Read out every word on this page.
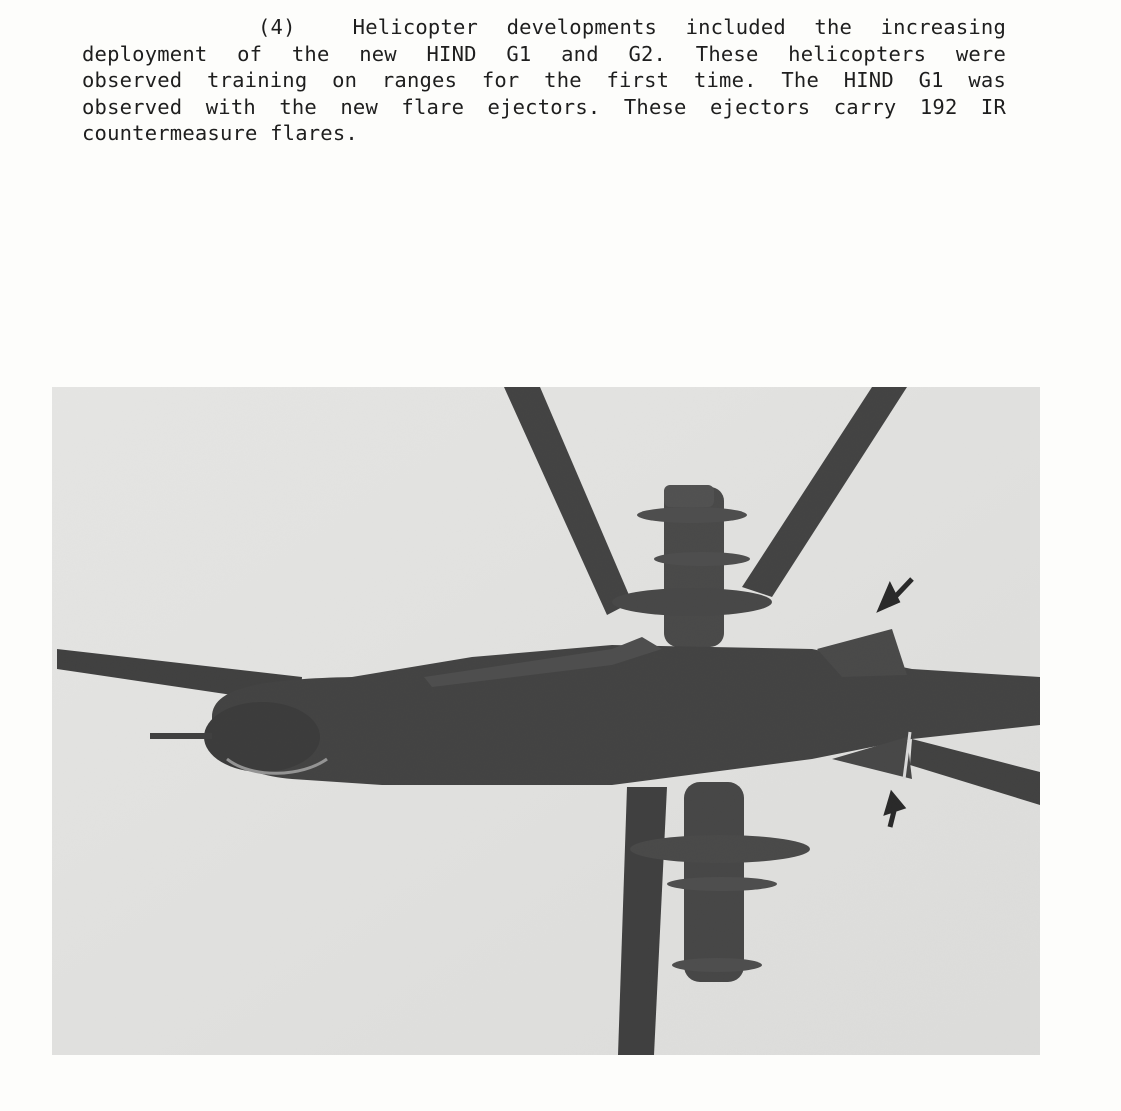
(4)	Helicopter developments included the increasing
deployment of the new HIND G1 and G2. These helicopters were
observed training on ranges for the first time. The HIND G1 was
observed with the new flare ejectors. These ejectors carry 192 IR
countermeasure flares.
